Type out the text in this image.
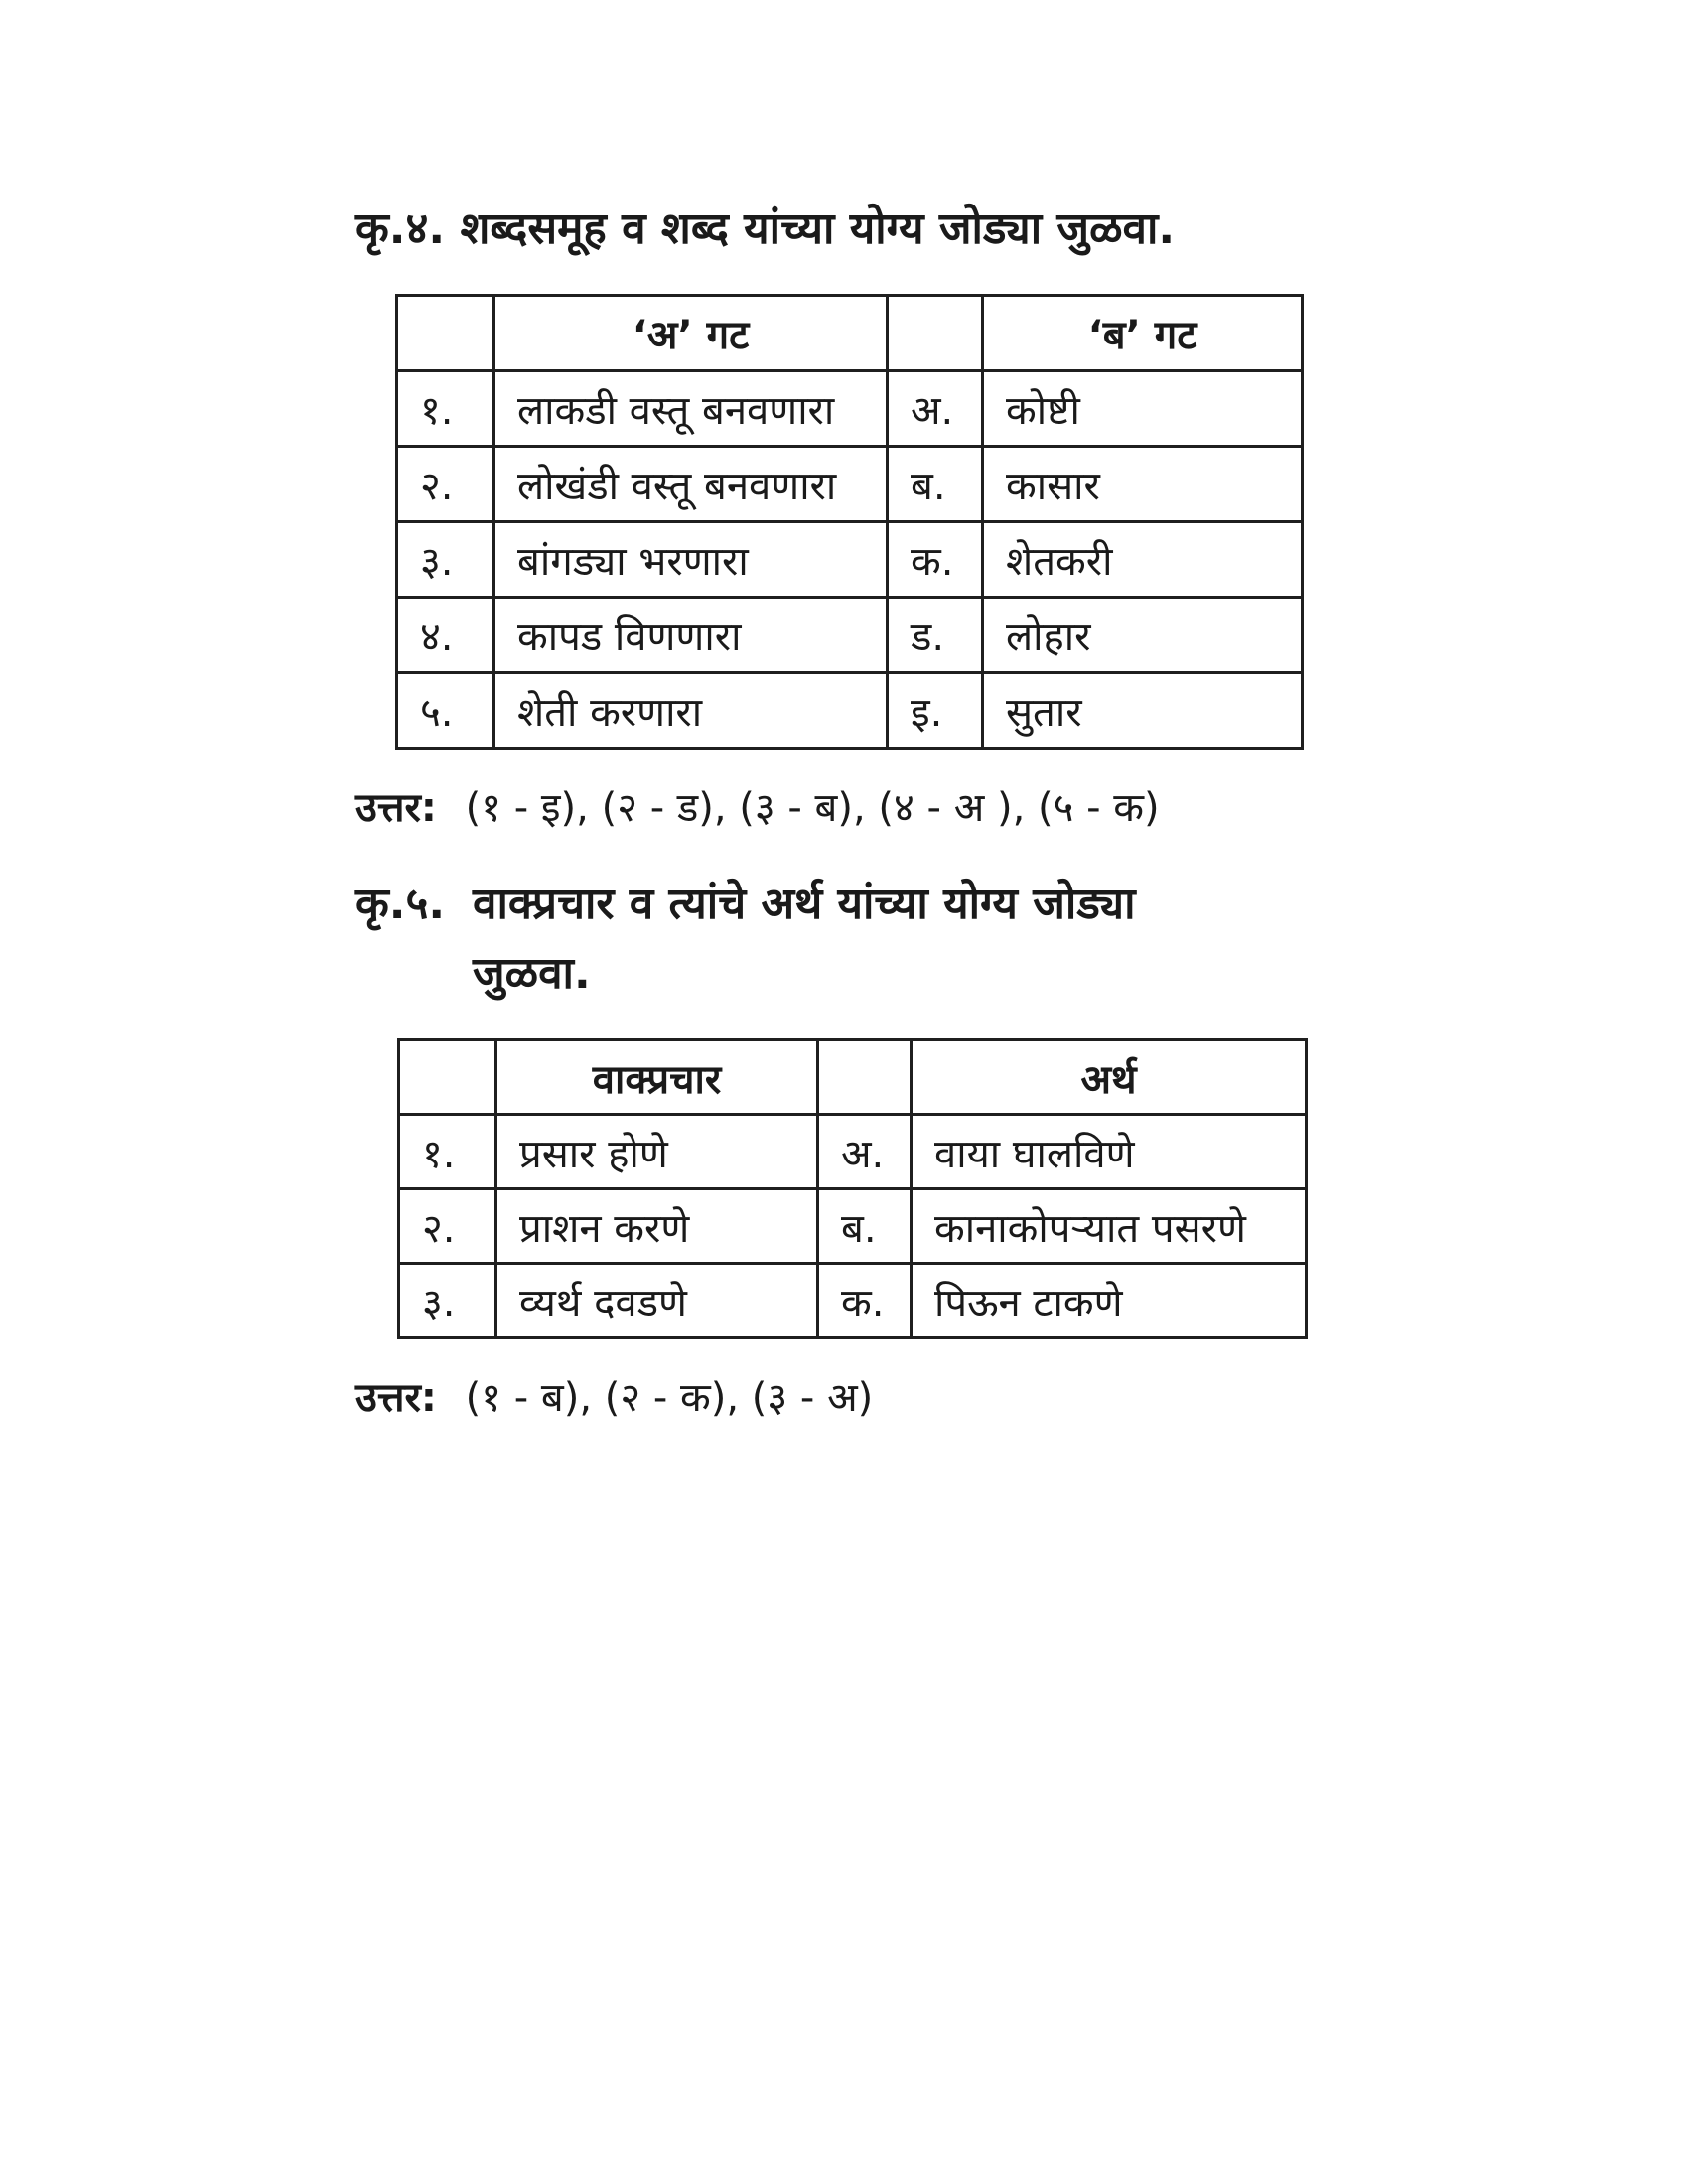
कृ.४. शब्दसमूह व शब्द यांच्या योग्य जोड्या जुळवा.
	‘अ’ गट		‘ब’ गट
१.	लाकडी वस्तू बनवणारा	अ.	कोष्टी
२.	लोखंडी वस्तू बनवणारा	ब.	कासार
३.	बांगड्या भरणारा	क.	शेतकरी
४.	कापड विणणारा	ड.	लोहार
५.	शेती करणारा	इ.	सुतार
उत्तर: (१ - इ), (२ - ड), (३ - ब), (४ - अ ), (५ - क)
कृ.५. वाक्प्रचार व त्यांचे अर्थ यांच्या योग्य जोड्या
जुळवा.
	वाक्प्रचार		अर्थ
१.	प्रसार होणे	अ.	वाया घालविणे
२.	प्राशन करणे	ब.	कानाकोपऱ्यात पसरणे
३.	व्यर्थ दवडणे	क.	पिऊन टाकणे
उत्तर: (१ - ब), (२ - क), (३ - अ)
